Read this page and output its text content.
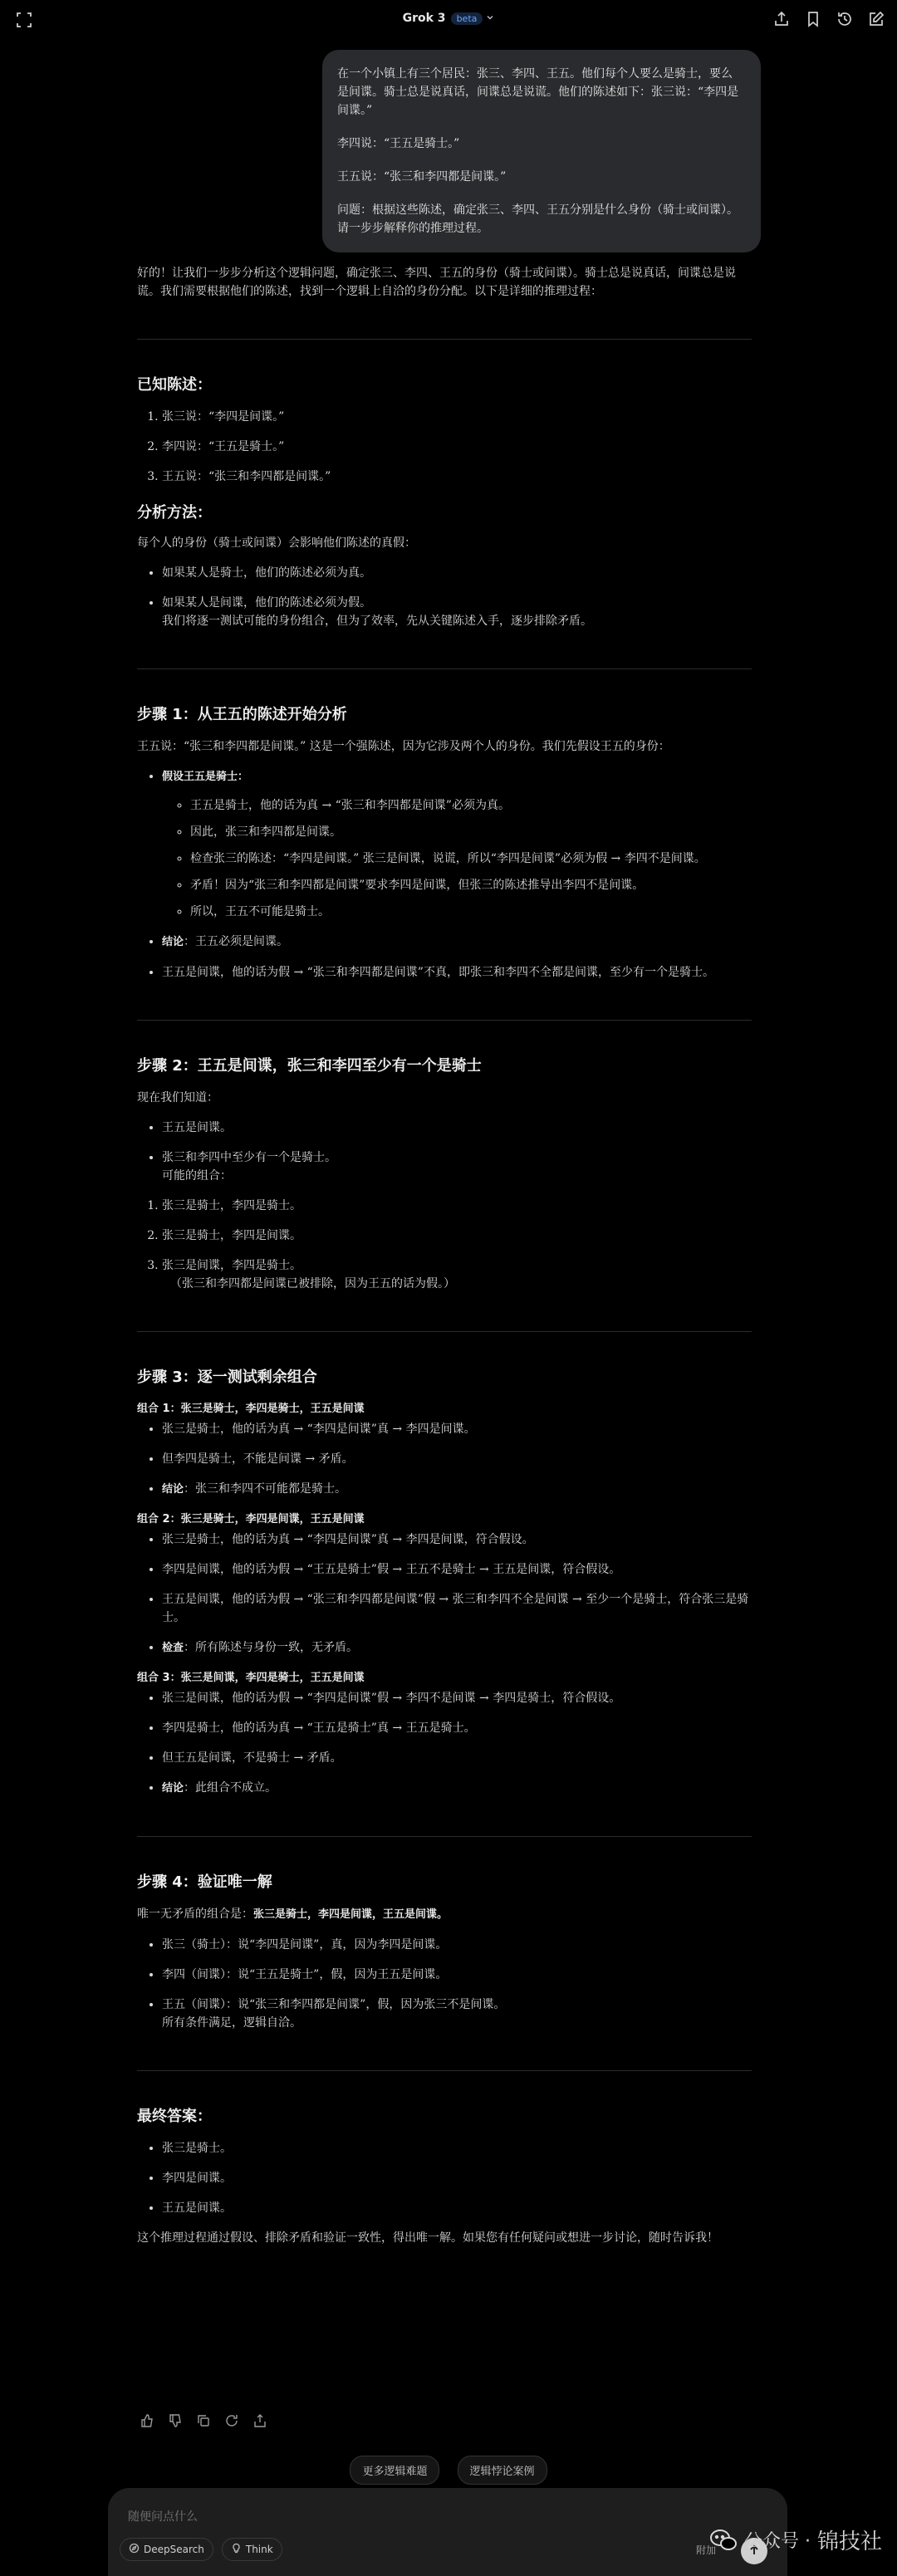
Grok 3 beta

在一个小镇上有三个居民：张三、李四、王五。他们每个人要么是骑士，要么是间谍。骑士总是说真话，间谍总是说谎。他们的陈述如下：张三说：“李四是间谍。”

李四说：“王五是骑士。”

王五说：“张三和李四都是间谍。”

问题：根据这些陈述，确定张三、李四、王五分别是什么身份（骑士或间谍）。请一步步解释你的推理过程。

好的！让我们一步步分析这个逻辑问题，确定张三、李四、王五的身份（骑士或间谍）。骑士总是说真话，间谍总是说谎。我们需要根据他们的陈述，找到一个逻辑上自洽的身份分配。以下是详细的推理过程：

已知陈述：
1. 张三说：“李四是间谍。”
2. 李四说：“王五是骑士。”
3. 王五说：“张三和李四都是间谍。”
分析方法：

每个人的身份（骑士或间谍）会影响他们陈述的真假：

• 如果某人是骑士，他们的陈述必须为真。
• 如果某人是间谍，他们的陈述必须为假。
我们将逐一测试可能的身份组合，但为了效率，先从关键陈述入手，逐步排除矛盾。
步骤 1：从王五的陈述开始分析

王五说：“张三和李四都是间谍。” 这是一个强陈述，因为它涉及两个人的身份。我们先假设王五的身份：

• 假设王五是骑士：
◦ 王五是骑士，他的话为真 → “张三和李四都是间谍”必须为真。
◦ 因此，张三和李四都是间谍。
◦ 检查张三的陈述：“李四是间谍。” 张三是间谍，说谎，所以“李四是间谍”必须为假 → 李四不是间谍。
◦ 矛盾！因为“张三和李四都是间谍”要求李四是间谍，但张三的陈述推导出李四不是间谍。
◦ 所以，王五不可能是骑士。
• 结论：王五必须是间谍。
• 王五是间谍，他的话为假 → “张三和李四都是间谍”不真，即张三和李四不全都是间谍，至少有一个是骑士。
步骤 2：王五是间谍，张三和李四至少有一个是骑士

现在我们知道：

• 王五是间谍。
• 张三和李四中至少有一个是骑士。
可能的组合：
1. 张三是骑士，李四是骑士。
2. 张三是骑士，李四是间谍。
3. 张三是间谍，李四是骑士。
（张三和李四都是间谍已被排除，因为王五的话为假。）
步骤 3：逐一测试剩余组合
组合 1：张三是骑士，李四是骑士，王五是间谍
• 张三是骑士，他的话为真 → “李四是间谍”真 → 李四是间谍。
• 但李四是骑士，不能是间谍 → 矛盾。
• 结论：张三和李四不可能都是骑士。
组合 2：张三是骑士，李四是间谍，王五是间谍
• 张三是骑士，他的话为真 → “李四是间谍”真 → 李四是间谍，符合假设。
• 李四是间谍，他的话为假 → “王五是骑士”假 → 王五不是骑士 → 王五是间谍，符合假设。
• 王五是间谍，他的话为假 → “张三和李四都是间谍”假 → 张三和李四不全是间谍 → 至少一个是骑士，符合张三是骑士。
• 检查：所有陈述与身份一致，无矛盾。
组合 3：张三是间谍，李四是骑士，王五是间谍
• 张三是间谍，他的话为假 → “李四是间谍”假 → 李四不是间谍 → 李四是骑士，符合假设。
• 李四是骑士，他的话为真 → “王五是骑士”真 → 王五是骑士。
• 但王五是间谍，不是骑士 → 矛盾。
• 结论：此组合不成立。
步骤 4：验证唯一解

唯一无矛盾的组合是：张三是骑士，李四是间谍，王五是间谍。

• 张三（骑士）：说“李四是间谍”，真，因为李四是间谍。
• 李四（间谍）：说“王五是骑士”，假，因为王五是间谍。
• 王五（间谍）：说“张三和李四都是间谍”，假，因为张三不是间谍。
所有条件满足，逻辑自洽。
最终答案：
• 张三是骑士。
• 李四是间谍。
• 王五是间谍。

这个推理过程通过假设、排除矛盾和验证一致性，得出唯一解。如果您有任何疑问或想进一步讨论，随时告诉我！

更多逻辑难题	逻辑悖论案例
随便问点什么
DeepSearch	Think	附加 公众号 · 锦技社
